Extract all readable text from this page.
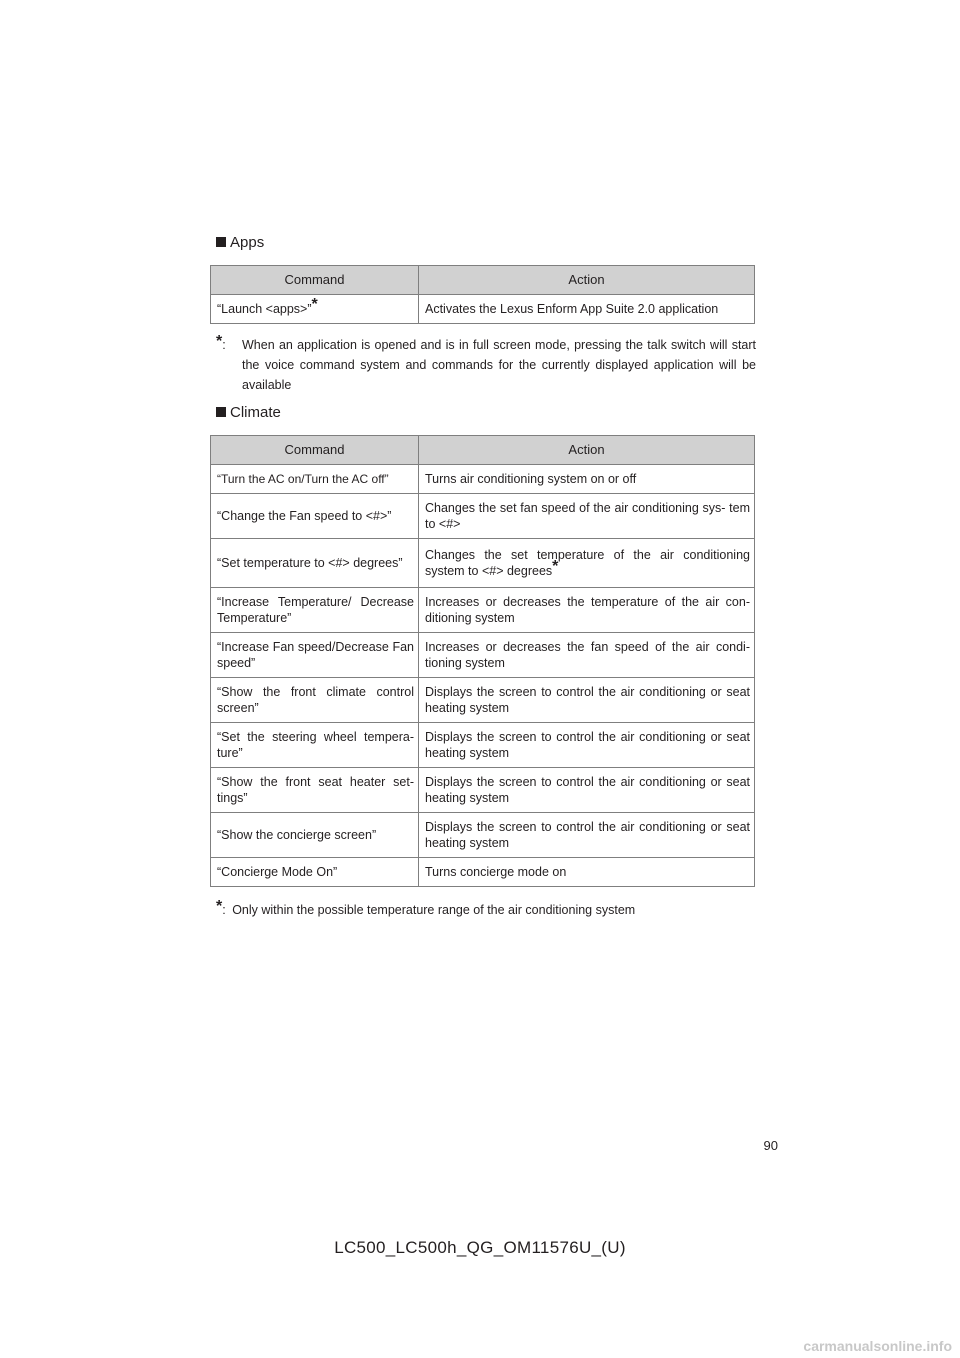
Apps
Command	Action
“Launch <apps>”*	Activates the Lexus Enform App Suite 2.0 application
*:	When an application is opened and is in full screen mode, pressing the talk switch will start the voice command system and commands for the currently displayed application will be available
Climate
Command	Action
“Turn the AC on/Turn the AC off”	Turns air conditioning system on or off
“Change the Fan speed to <#>”	Changes the set fan speed of the air conditioning sys- tem to <#>
“Set temperature to <#> degrees”	Changes the set temperature of the air conditioning system to <#> degrees*
“Increase Temperature/ Decrease Temperature”	Increases or decreases the temperature of the air con- ditioning system
“Increase Fan speed/Decrease Fan speed”	Increases or decreases the fan speed of the air condi- tioning system
“Show the front climate control screen”	Displays the screen to control the air conditioning or seat heating system
“Set the steering wheel tempera- ture”	Displays the screen to control the air conditioning or seat heating system
“Show the front seat heater set- tings”	Displays the screen to control the air conditioning or seat heating system
“Show the concierge screen”	Displays the screen to control the air conditioning or seat heating system
“Concierge Mode On”	Turns concierge mode on
*: Only within the possible temperature range of the air conditioning system
90
LC500_LC500h_QG_OM11576U_(U)
carmanualsonline.info
